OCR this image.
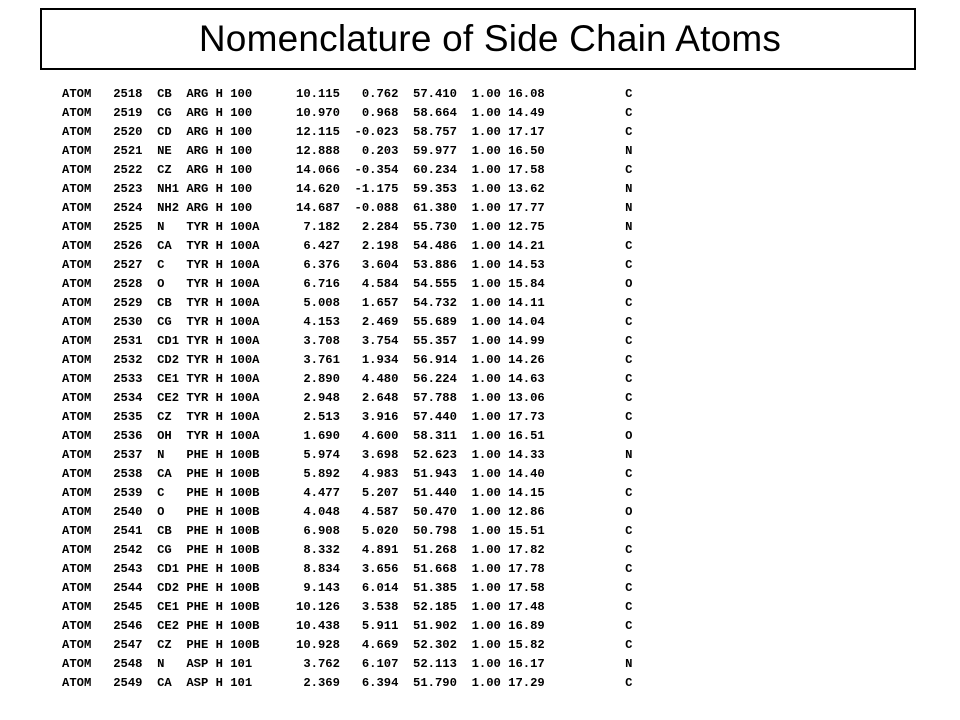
Nomenclature of Side Chain Atoms
ATOM   2518  CB  ARG H 100      10.115   0.762  57.410  1.00 16.08           C
ATOM   2519  CG  ARG H 100      10.970   0.968  58.664  1.00 14.49           C
ATOM   2520  CD  ARG H 100      12.115  -0.023  58.757  1.00 17.17           C
ATOM   2521  NE  ARG H 100      12.888   0.203  59.977  1.00 16.50           N
ATOM   2522  CZ  ARG H 100      14.066  -0.354  60.234  1.00 17.58           C
ATOM   2523  NH1 ARG H 100      14.620  -1.175  59.353  1.00 13.62           N
ATOM   2524  NH2 ARG H 100      14.687  -0.088  61.380  1.00 17.77           N
ATOM   2525  N   TYR H 100A      7.182   2.284  55.730  1.00 12.75           N
ATOM   2526  CA  TYR H 100A      6.427   2.198  54.486  1.00 14.21           C
ATOM   2527  C   TYR H 100A      6.376   3.604  53.886  1.00 14.53           C
ATOM   2528  O   TYR H 100A      6.716   4.584  54.555  1.00 15.84           O
ATOM   2529  CB  TYR H 100A      5.008   1.657  54.732  1.00 14.11           C
ATOM   2530  CG  TYR H 100A      4.153   2.469  55.689  1.00 14.04           C
ATOM   2531  CD1 TYR H 100A      3.708   3.754  55.357  1.00 14.99           C
ATOM   2532  CD2 TYR H 100A      3.761   1.934  56.914  1.00 14.26           C
ATOM   2533  CE1 TYR H 100A      2.890   4.480  56.224  1.00 14.63           C
ATOM   2534  CE2 TYR H 100A      2.948   2.648  57.788  1.00 13.06           C
ATOM   2535  CZ  TYR H 100A      2.513   3.916  57.440  1.00 17.73           C
ATOM   2536  OH  TYR H 100A      1.690   4.600  58.311  1.00 16.51           O
ATOM   2537  N   PHE H 100B      5.974   3.698  52.623  1.00 14.33           N
ATOM   2538  CA  PHE H 100B      5.892   4.983  51.943  1.00 14.40           C
ATOM   2539  C   PHE H 100B      4.477   5.207  51.440  1.00 14.15           C
ATOM   2540  O   PHE H 100B      4.048   4.587  50.470  1.00 12.86           O
ATOM   2541  CB  PHE H 100B      6.908   5.020  50.798  1.00 15.51           C
ATOM   2542  CG  PHE H 100B      8.332   4.891  51.268  1.00 17.82           C
ATOM   2543  CD1 PHE H 100B      8.834   3.656  51.668  1.00 17.78           C
ATOM   2544  CD2 PHE H 100B      9.143   6.014  51.385  1.00 17.58           C
ATOM   2545  CE1 PHE H 100B     10.126   3.538  52.185  1.00 17.48           C
ATOM   2546  CE2 PHE H 100B     10.438   5.911  51.902  1.00 16.89           C
ATOM   2547  CZ  PHE H 100B     10.928   4.669  52.302  1.00 15.82           C
ATOM   2548  N   ASP H 101       3.762   6.107  52.113  1.00 16.17           N
ATOM   2549  CA  ASP H 101       2.369   6.394  51.790  1.00 17.29           C
